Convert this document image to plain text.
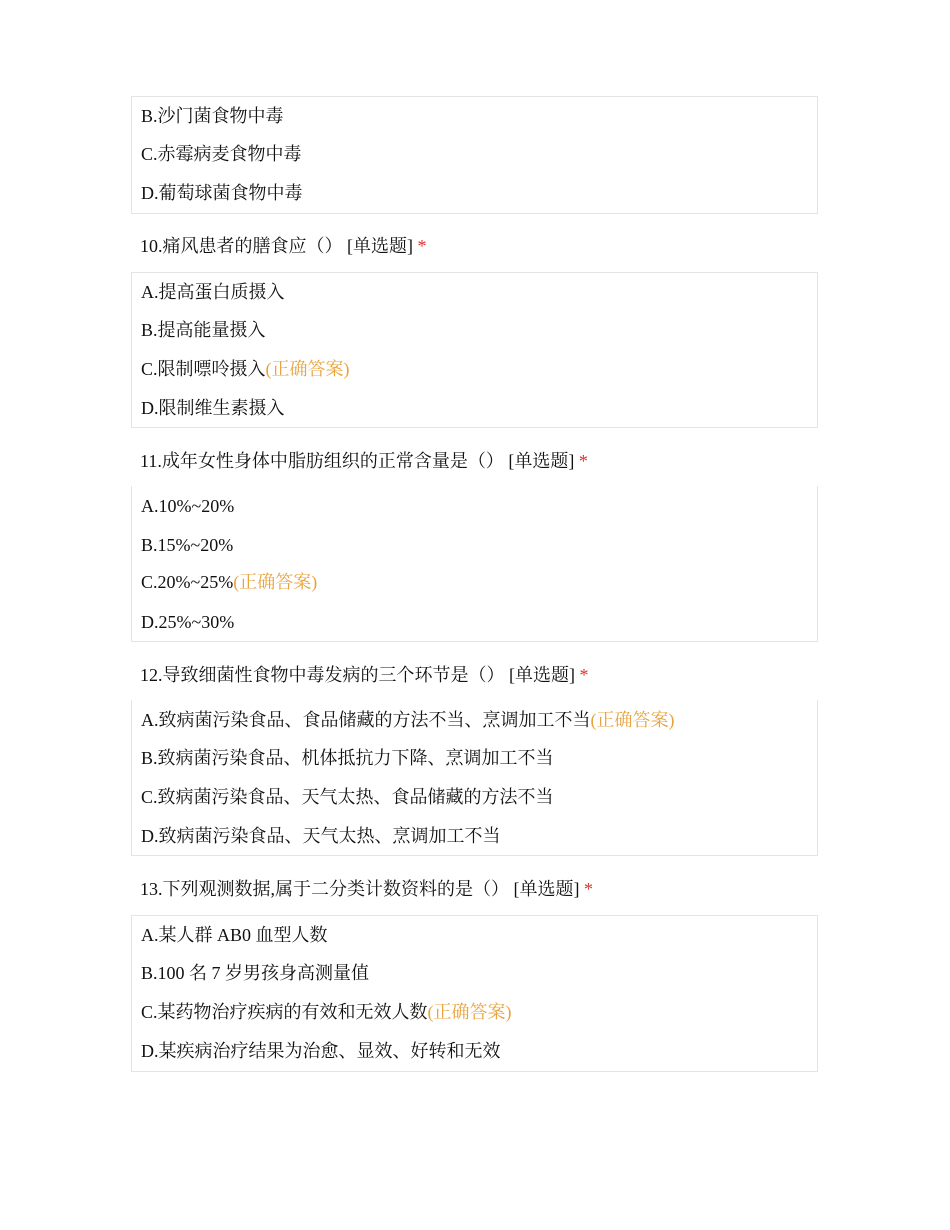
B.沙门菌食物中毒
C.赤霉病麦食物中毒
D.葡萄球菌食物中毒
10.痛风患者的膳食应（） [单选题] *
A.提高蛋白质摄入
B.提高能量摄入
C.限制嘌呤摄入(正确答案)
D.限制维生素摄入
11.成年女性身体中脂肪组织的正常含量是（） [单选题] *
A.10%~20%
B.15%~20%
C.20%~25%(正确答案)
D.25%~30%
12.导致细菌性食物中毒发病的三个环节是（） [单选题] *
A.致病菌污染食品、食品储藏的方法不当、烹调加工不当(正确答案)
B.致病菌污染食品、机体抵抗力下降、烹调加工不当
C.致病菌污染食品、天气太热、食品储藏的方法不当
D.致病菌污染食品、天气太热、烹调加工不当
13.下列观测数据,属于二分类计数资料的是（） [单选题] *
A.某人群 AB0 血型人数
B.100 名 7 岁男孩身高测量值
C.某药物治疗疾病的有效和无效人数(正确答案)
D.某疾病治疗结果为治愈、显效、好转和无效
